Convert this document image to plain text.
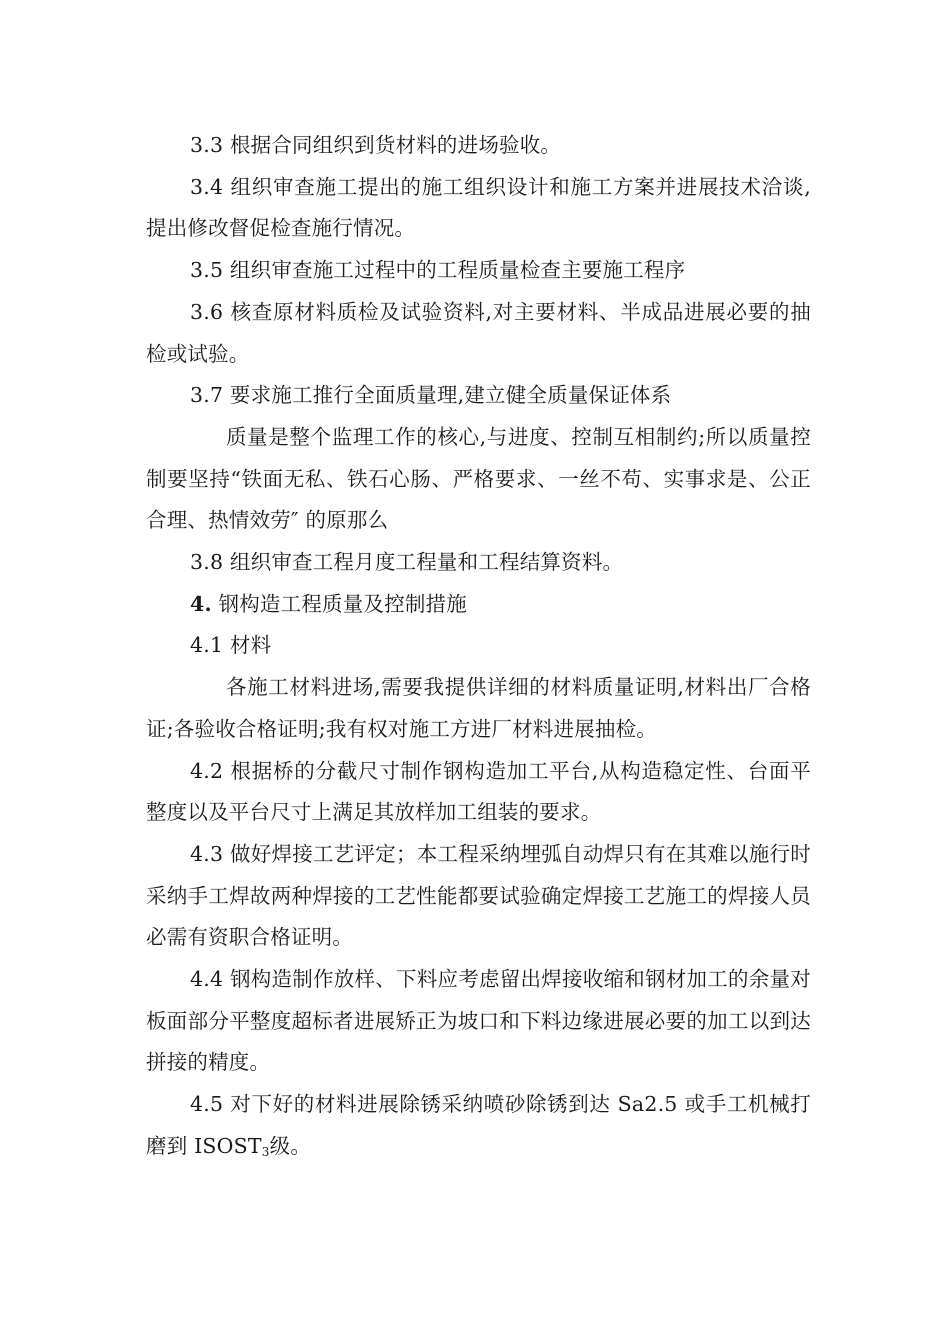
3.3 根据合同组织到货材料的进场验收。

3.4 组织审查施工提出的施工组织设计和施工方案并进展技术洽谈,提出修改督促检查施行情况。

3.5 组织审查施工过程中的工程质量检查主要施工程序

3.6 核查原材料质检及试验资料,对主要材料、半成品进展必要的抽检或试验。

3.7 要求施工推行全面质量理,建立健全质量保证体系

质量是整个监理工作的核心,与进度、控制互相制约;所以质量控制要坚持“铁面无私、铁石心肠、严格要求、一丝不苟、实事求是、公正合理、热情效劳″ 的原那么

3.8 组织审查工程月度工程量和工程结算资料。

4. 钢构造工程质量及控制措施

4.1 材料

各施工材料进场,需要我提供详细的材料质量证明,材料出厂合格证;各验收合格证明;我有权对施工方进厂材料进展抽检。

4.2 根据桥的分截尺寸制作钢构造加工平台,从构造稳定性、台面平整度以及平台尺寸上满足其放样加工组装的要求。

4.3 做好焊接工艺评定；本工程采纳埋弧自动焊只有在其难以施行时采纳手工焊故两种焊接的工艺性能都要试验确定焊接工艺施工的焊接人员必需有资职合格证明。

4.4 钢构造制作放样、下料应考虑留出焊接收缩和钢材加工的余量对板面部分平整度超标者进展矫正为坡口和下料边缘进展必要的加工以到达拼接的精度。

4.5 对下好的材料进展除锈采纳喷砂除锈到达 Sa2.5 或手工机械打磨到 $ISOST_3$级。
